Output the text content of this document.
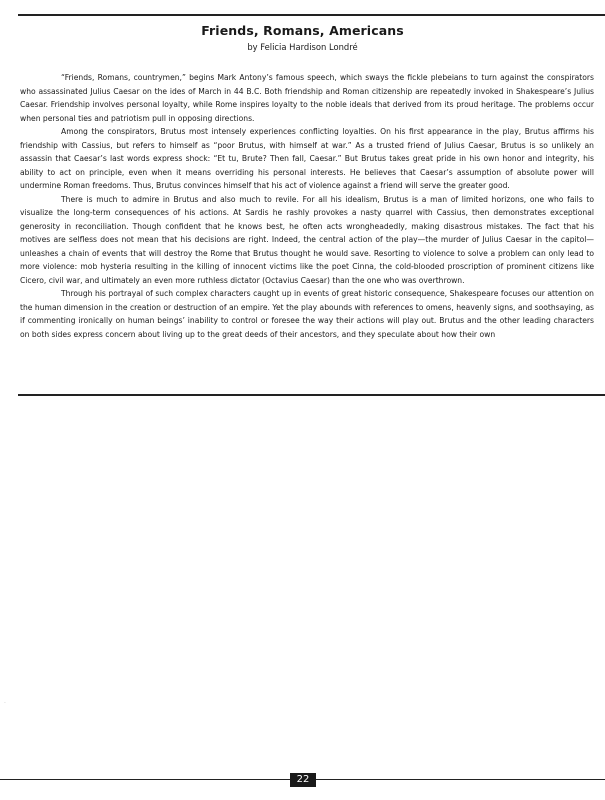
Friends, Romans, Americans
by Felicia Hardison Londré

“Friends, Romans, countrymen,” begins Mark Antony’s famous speech, which sways the fickle plebeians to turn against the conspirators who assassinated Julius Caesar on the ides of March in 44 B.C. Both friendship and Roman citizenship are repeatedly invoked in Shakespeare’s Julius Caesar. Friendship involves personal loyalty, while Rome inspires loyalty to the noble ideals that derived from its proud heritage. The problems occur when personal ties and patriotism pull in opposing directions.

Among the conspirators, Brutus most intensely experiences conflicting loyalties. On his first appearance in the play, Brutus affirms his friendship with Cassius, but refers to himself as “poor Brutus, with himself at war.” As a trusted friend of Julius Caesar, Brutus is so unlikely an assassin that Caesar’s last words express shock: “Et tu, Brute? Then fall, Caesar.” But Brutus takes great pride in his own honor and integrity, his ability to act on principle, even when it means overriding his personal interests. He believes that Caesar’s assumption of absolute power will undermine Roman freedoms. Thus, Brutus convinces himself that his act of violence against a friend will serve the greater good.

There is much to admire in Brutus and also much to revile. For all his idealism, Brutus is a man of limited horizons, one who fails to visualize the long-term consequences of his actions. At Sardis he rashly provokes a nasty quarrel with Cassius, then demonstrates exceptional generosity in reconciliation. Though confident that he knows best, he often acts wrongheadedly, making disastrous mistakes. The fact that his motives are selfless does not mean that his decisions are right. Indeed, the central action of the play—the murder of Julius Caesar in the capitol—unleashes a chain of events that will destroy the Rome that Brutus thought he would save. Resorting to violence to solve a problem can only lead to more violence: mob hysteria resulting in the killing of innocent victims like the poet Cinna, the cold-blooded proscription of prominent citizens like Cicero, civil war, and ultimately an even more ruthless dictator (Octavius Caesar) than the one who was overthrown.

Through his portrayal of such complex characters caught up in events of great historic consequence, Shakespeare focuses our attention on the human dimension in the creation or destruction of an empire. Yet the play abounds with references to omens, heavenly signs, and soothsaying, as if commenting ironically on human beings’ inability to control or foresee the way their actions will play out. Brutus and the other leading characters on both sides express concern about living up to the great deeds of their ancestors, and they speculate about how their own

·
22
